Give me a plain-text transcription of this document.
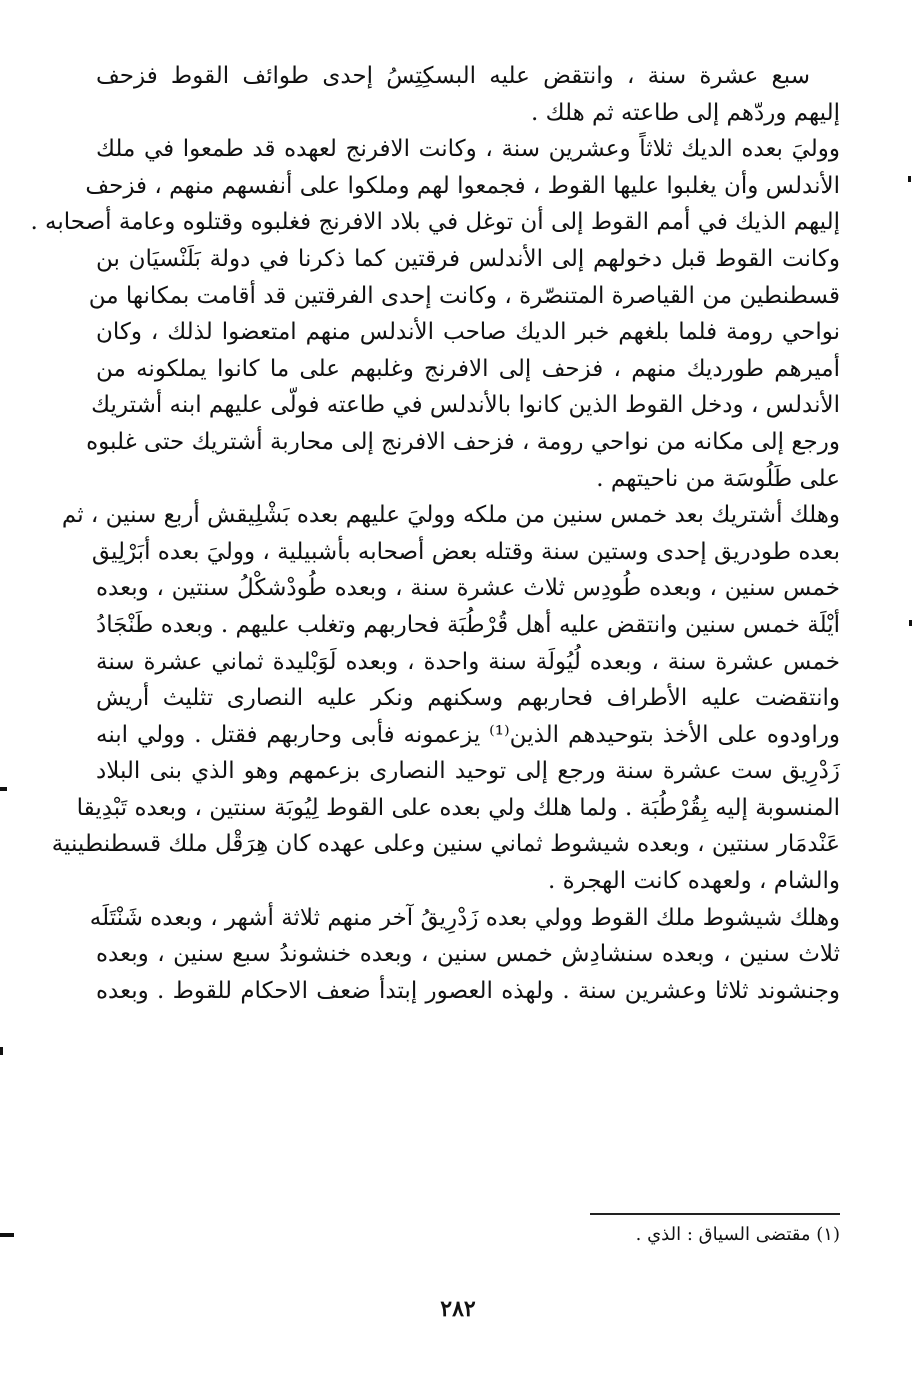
سبع عشرة سنة ، وانتقض عليه البسكِتِسُ إحدى طوائف القوط فزحف
إليهم وردّهم إلى طاعته ثم هلك .
ووليَ بعده الديك ثلاثاً وعشرين سنة ، وكانت الافرنج لعهده قد طمعوا في ملك
الأندلس وأن يغلبوا عليها القوط ، فجمعوا لهم وملكوا على أنفسهم منهم ، فزحف
إليهم الذيك في أمم القوط إلى أن توغل في بلاد الافرنج فغلبوه وقتلوه وعامة أصحابه .
وكانت القوط قبل دخولهم إلى الأندلس فرقتين كما ذكرنا في دولة بَلَنْسيَان بن
قسطنطين من القياصرة المتنصّرة ، وكانت إحدى الفرقتين قد أقامت بمكانها من
نواحي رومة فلما بلغهم خبر الديك صاحب الأندلس منهم امتعضوا لذلك ، وكان
أميرهم طورديك منهم ، فزحف إلى الافرنج وغلبهم على ما كانوا يملكونه من
الأندلس ، ودخل القوط الذين كانوا بالأندلس في طاعته فولّى عليهم ابنه أشتريك
ورجع إلى مكانه من نواحي رومة ، فزحف الافرنج إلى محاربة أشتريك حتى غلبوه
على طَلُوسَة من ناحيتهم .
وهلك أشتريك بعد خمس سنين من ملكه ووليَ عليهم بعده بَشْلِيقش أربع سنين ، ثم
بعده طودريق إحدى وستين سنة وقتله بعض أصحابه بأشبيلية ، ووليَ بعده أبَرْلِيق
خمس سنين ، وبعده طُودِس ثلاث عشرة سنة ، وبعده طُودْشكْلُ سنتين ، وبعده
أيْلَة خمس سنين وانتقض عليه أهل قُرْطُبَة فحاربهم وتغلب عليهم . وبعده طَنْجَادُ
خمس عشرة سنة ، وبعده لُيُولَة سنة واحدة ، وبعده لَوَبْليدة ثماني عشرة سنة
وانتقضت عليه الأطراف فحاربهم وسكنهم ونكر عليه النصارى تثليث أريش
وراودوه على الأخذ بتوحيدهم الذين⁽¹⁾ يزعمونه فأبى وحاربهم فقتل . وولي ابنه
زَدْرِيق ست عشرة سنة ورجع إلى توحيد النصارى بزعمهم وهو الذي بنى البلاد
المنسوبة إليه بِقُرْطُبَة . ولما هلك ولي بعده على القوط لِيُوبَة سنتين ، وبعده تَبْدِيقا
عَنْدمَار سنتين ، وبعده شيشوط ثماني سنين وعلى عهده كان هِرَقْل ملك قسطنطينية
والشام ، ولعهده كانت الهجرة .
وهلك شيشوط ملك القوط وولي بعده زَدْرِيقُ آخر منهم ثلاثة أشهر ، وبعده شَنْتَلَه
ثلاث سنين ، وبعده سنشادِش خمس سنين ، وبعده خنشوندُ سبع سنين ، وبعده
وجنشوند ثلاثا وعشرين سنة . ولهذه العصور إبتدأ ضعف الاحكام للقوط . وبعده
(١) مقتضى السياق : الذي .
٢٨٢
